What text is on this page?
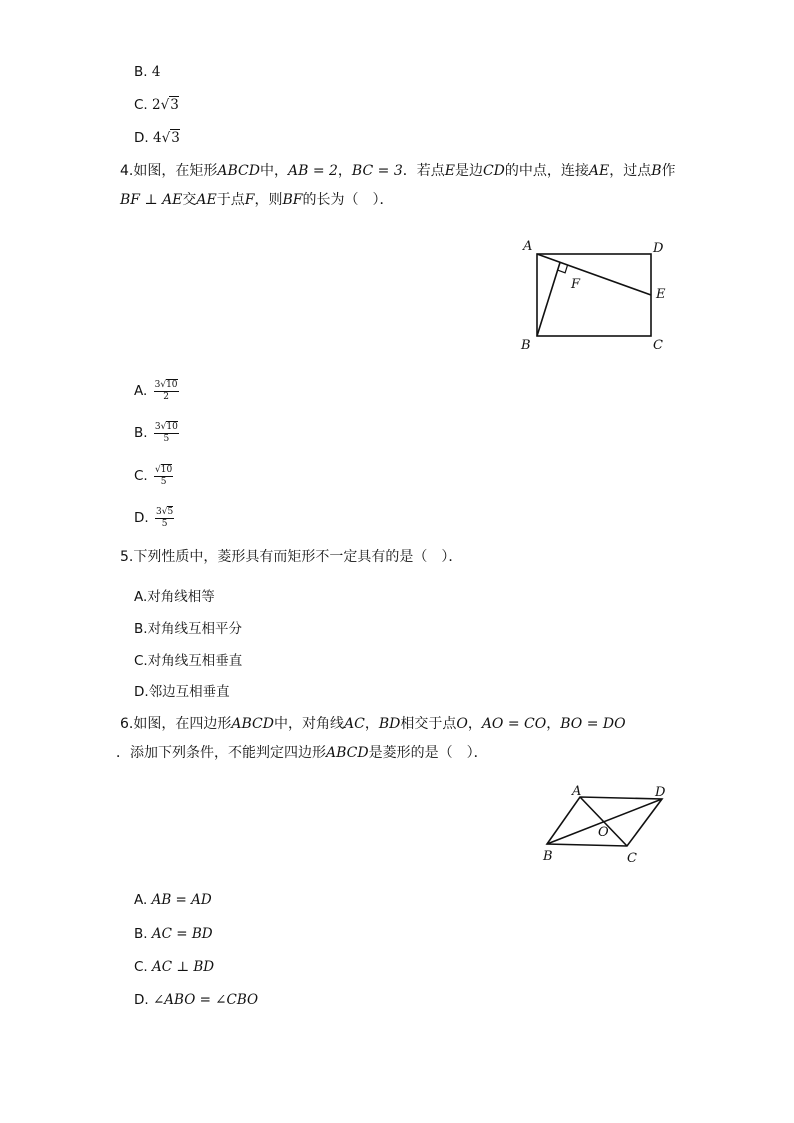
B. 4
C. 2√3
D. 4√3
4.如图，在矩形ABCD中，AB = 2，BC = 3．若点E是边CD的中点，连接AE，过点B作
BF ⊥ AE交AE于点F，则BF的长为（　）．
A	D
F
E
B	C
A. $\frac{3√10}{2}$
B. $\frac{3√10}{5}$
C. $\frac{√10}{5}$
D. $\frac{3√5}{5}$
5.下列性质中，菱形具有而矩形不一定具有的是（　）．
A.对角线相等
B.对角线互相平分
C.对角线互相垂直
D.邻边互相垂直
6.如图，在四边形ABCD中，对角线AC，BD相交于点O，AO = CO，BO = DO
．添加下列条件，不能判定四边形ABCD是菱形的是（　）．
A	D
O
B	C
A. AB = AD
B. AC = BD
C. AC ⊥ BD
D. ∠ABO = ∠CBO
